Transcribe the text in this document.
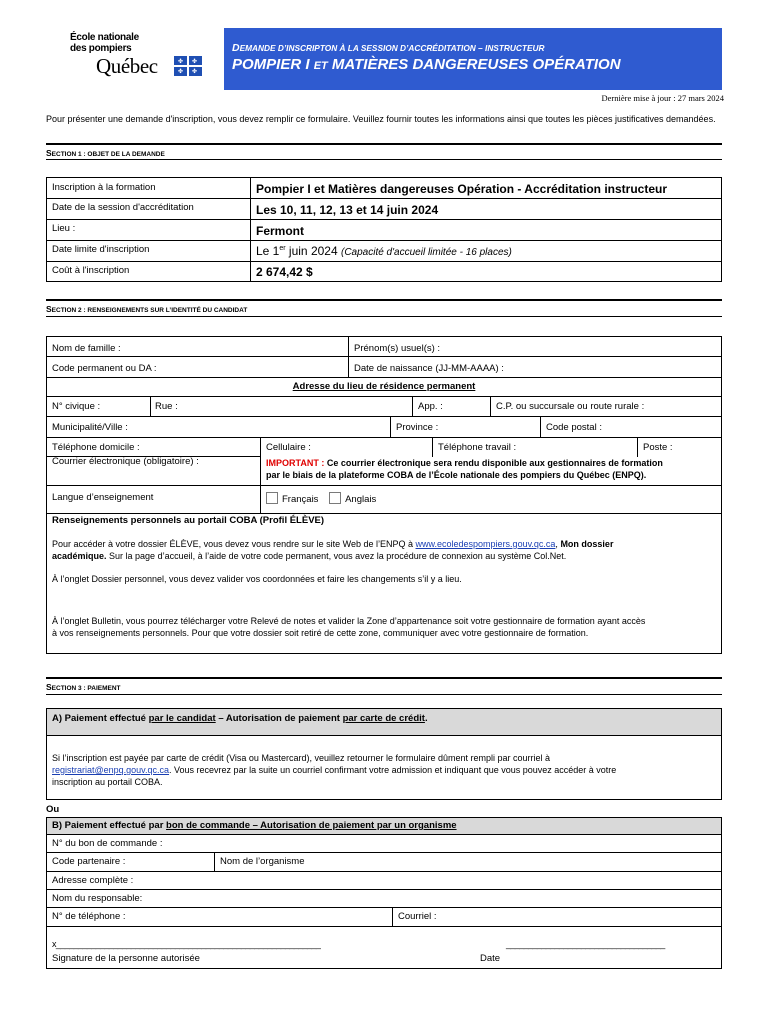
École nationale
des pompiers
Québec	✤ ✤
✤ ✤
DEMANDE D’INSCRIPTON À LA SESSION D’ACCRÉDITATION – INSTRUCTEUR
POMPIER I ET MATIÈRES DANGEREUSES OPÉRATION
Dernière mise à jour : 27 mars 2024
Pour présenter une demande d'inscription, vous devez remplir ce formulaire. Veuillez fournir toutes les informations ainsi que toutes les pièces justificatives demandées.
SECTION 1 : OBJET DE LA DEMANDE
Inscription à la formation	Pompier I et Matières dangereuses Opération - Accréditation instructeur
Date de la session d'accréditation	Les 10, 11, 12, 13 et 14 juin 2024
Lieu :	Fermont
Date limite d'inscription	Le 1er juin 2024 (Capacité d'accueil limitée - 16 places)
Coût à l'inscription	2 674,42 $
SECTION 2 : RENSEIGNEMENTS SUR L’IDENTITÉ DU CANDIDAT
Nom de famille :	Prénom(s) usuel(s) :
Code permanent ou DA :	Date de naissance (JJ-MM-AAAA) :
Adresse du lieu de résidence permanent
N° civique :	Rue :	App. :	C.P. ou succursale ou route rurale :
Municipalité/Ville :	Province :	Code postal :
Téléphone domicile :	Cellulaire :	Téléphone travail :	Poste :
Courrier électronique (obligatoire) :	IMPORTANT : Ce courrier électronique sera rendu disponible aux gestionnaires de formation
par le biais de la plateforme COBA de l’École nationale des pompiers du Québec (ENPQ).
Langue d’enseignement	Français	Anglais
Renseignements personnels au portail COBA (Profil ÉLÈVE)
Pour accéder à votre dossier ÉLÈVE, vous devez vous rendre sur le site Web de l’ENPQ à www.ecoledespompiers.gouv.qc.ca, Mon dossier
académique. Sur la page d’accueil, à l’aide de votre code permanent, vous avez la procédure de connexion au système Col.Net.
À l’onglet Dossier personnel, vous devez valider vos coordonnées et faire les changements s’il y a lieu.
À l’onglet Bulletin, vous pourrez télécharger votre Relevé de notes et valider la Zone d’appartenance soit votre gestionnaire de formation ayant accès
à vos renseignements personnels. Pour que votre dossier soit retiré de cette zone, communiquer avec votre gestionnaire de formation.
SECTION 3 : PAIEMENT
A) Paiement effectué par le candidat – Autorisation de paiement par carte de crédit.
Si l’inscription est payée par carte de crédit (Visa ou Mastercard), veuillez retourner le formulaire dûment rempli par courriel à
registrariat@enpq.gouv.qc.ca. Vous recevrez par la suite un courriel confirmant votre admission et indiquant que vous pouvez accéder à votre
inscription au portail COBA.
Ou
B) Paiement effectué par bon de commande – Autorisation de paiement par un organisme
N° du bon de commande :
Code partenaire :	Nom de l’organisme
Adresse complète :
Nom du responsable:
N° de téléphone :	Courriel :
x____________________________________________________________	____________________________________
Signature de la personne autorisée	Date
